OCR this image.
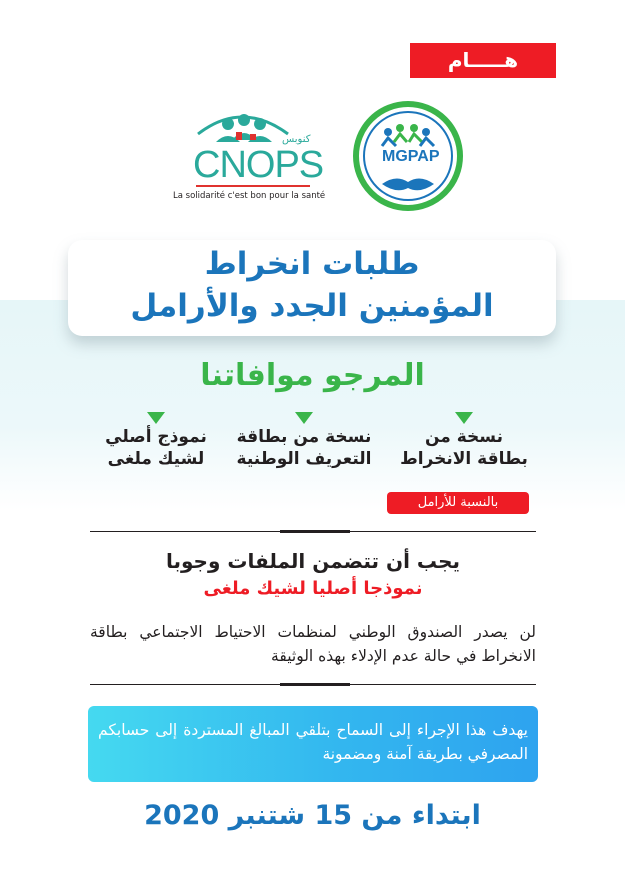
هـــــام
CNOPS
كنوبس
La solidarité c'est bon pour la santé
MGPAP
طلبات انخراط
المؤمنين الجدد والأرامل
المرجو موافاتنا
نسخة من
بطاقة الانخراط
نسخة من بطاقة
التعريف الوطنية
نموذج أصلي
لشيك ملغى
بالنسبة للأرامل
يجب أن تتضمن الملفات وجوبا
نموذجا أصليا لشيك ملغى
لن يصدر الصندوق الوطني لمنظمات الاحتياط الاجتماعي بطاقة الانخراط في حالة عدم الإدلاء بهذه الوثيقة
يهدف هذا الإجراء إلى السماح بتلقي المبالغ المستردة إلى حسابكم المصرفي بطريقة آمنة ومضمونة
ابتداء من 15 شتنبر 2020
